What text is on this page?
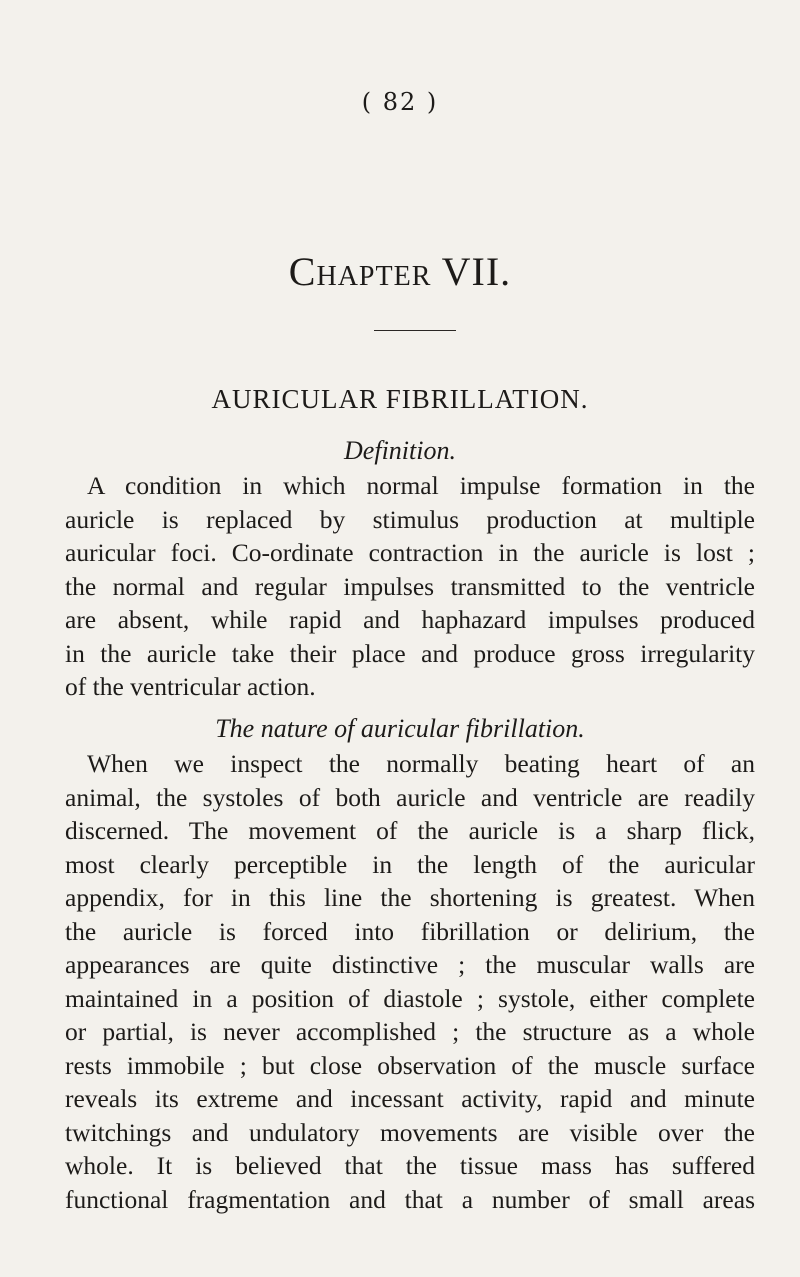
( 82 )
Chapter VII.
AURICULAR FIBRILLATION.
Definition.
A condition in which normal impulse formation in the
auricle is replaced by stimulus production at multiple
auricular foci. Co-ordinate contraction in the auricle is lost ;
the normal and regular impulses transmitted to the ventricle
are absent, while rapid and haphazard impulses produced
in the auricle take their place and produce gross irregularity
of the ventricular action.
The nature of auricular fibrillation.
When we inspect the normally beating heart of an
animal, the systoles of both auricle and ventricle are readily
discerned. The movement of the auricle is a sharp flick,
most clearly perceptible in the length of the auricular
appendix, for in this line the shortening is greatest. When
the auricle is forced into fibrillation or delirium, the
appearances are quite distinctive ; the muscular walls are
maintained in a position of diastole ; systole, either complete
or partial, is never accomplished ; the structure as a whole
rests immobile ; but close observation of the muscle surface
reveals its extreme and incessant activity, rapid and minute
twitchings and undulatory movements are visible over the
whole. It is believed that the tissue mass has suffered
functional fragmentation and that a number of small areas
